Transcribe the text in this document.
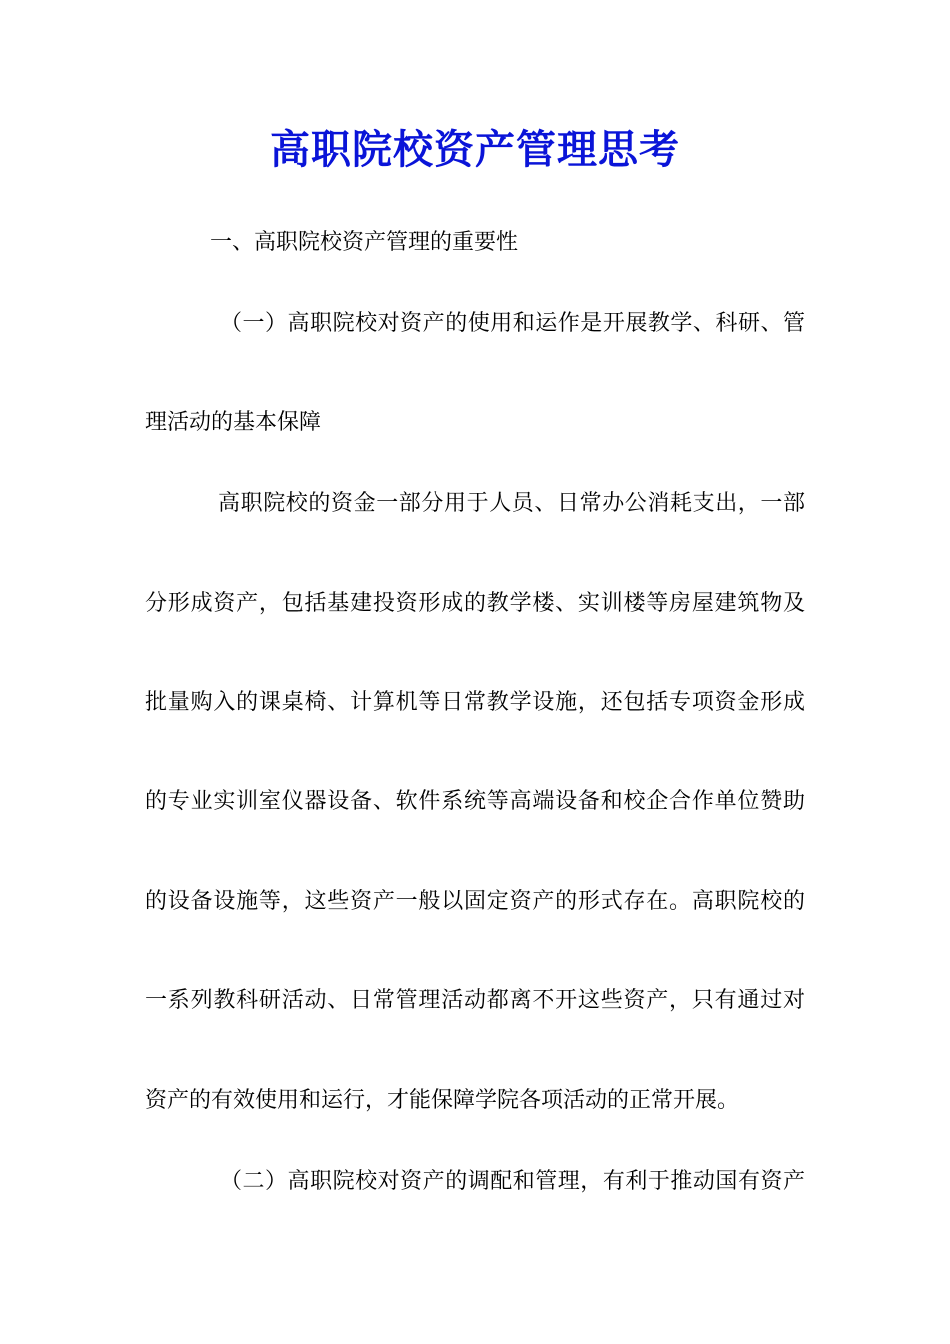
高职院校资产管理思考
一、高职院校资产管理的重要性
（一）高职院校对资产的使用和运作是开展教学、科研、管
理活动的基本保障
高职院校的资金一部分用于人员、日常办公消耗支出，一部
分形成资产，包括基建投资形成的教学楼、实训楼等房屋建筑物及
批量购入的课桌椅、计算机等日常教学设施，还包括专项资金形成
的专业实训室仪器设备、软件系统等高端设备和校企合作单位赞助
的设备设施等，这些资产一般以固定资产的形式存在。高职院校的
一系列教科研活动、日常管理活动都离不开这些资产，只有通过对
资产的有效使用和运行，才能保障学院各项活动的正常开展。
（二）高职院校对资产的调配和管理，有利于推动国有资产
